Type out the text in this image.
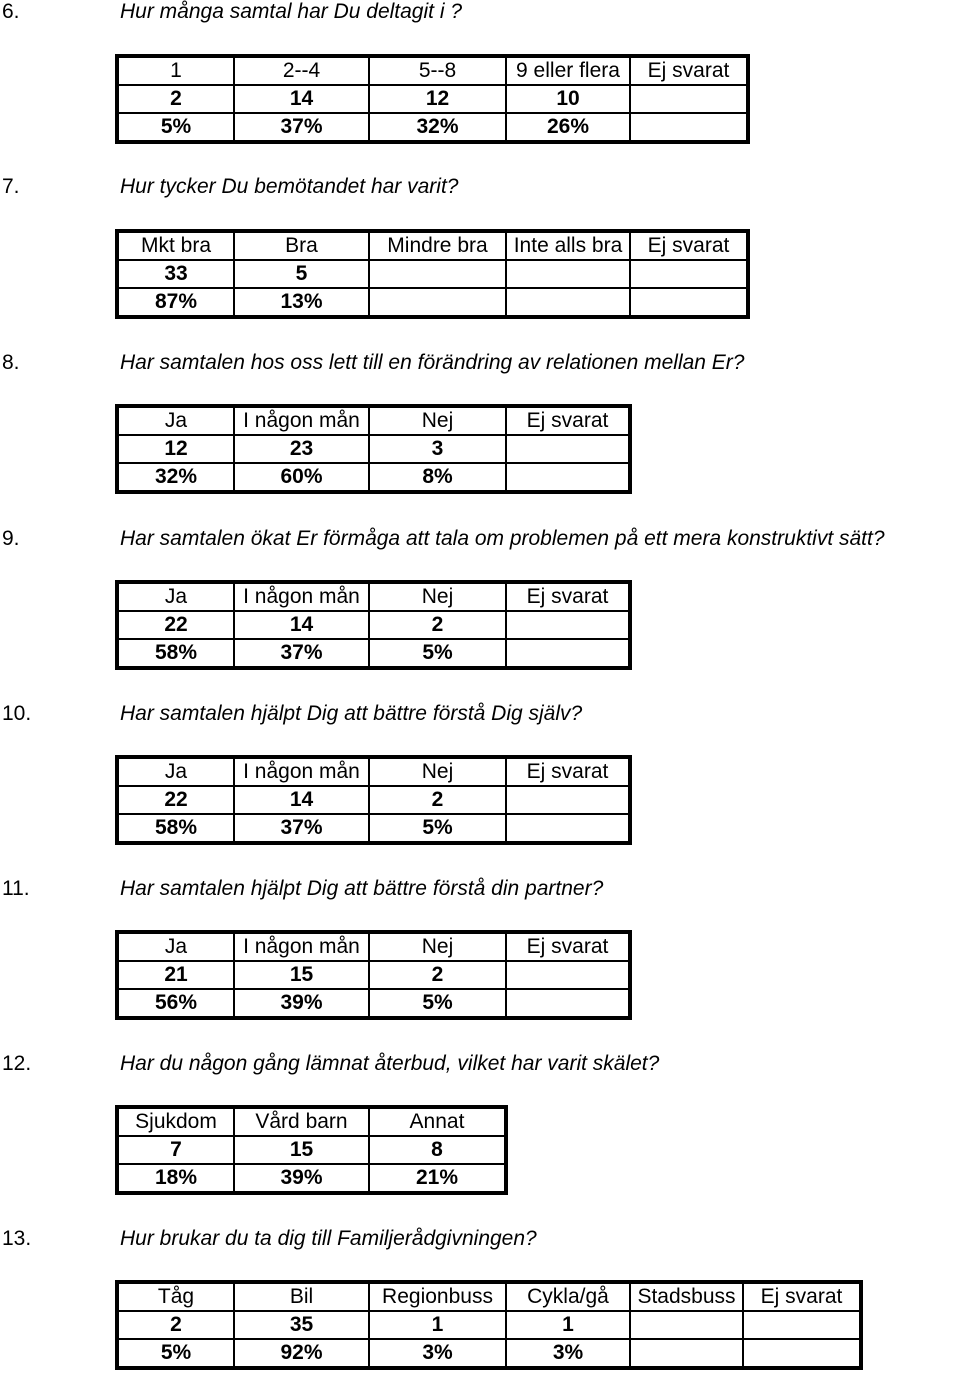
6.	Hur många samtal har Du deltagit i ?
1	2--4	5--8	9 eller flera	Ej svarat
2	14	12	10	
5%	37%	32%	26%	
7.	Hur tycker Du bemötandet har varit?
Mkt bra	Bra	Mindre bra	Inte alls bra	Ej svarat
33	5			
87%	13%			
8.	Har samtalen hos oss lett till en förändring av relationen mellan Er?
Ja	I någon mån	Nej	Ej svarat
12	23	3	
32%	60%	8%	
9.	Har samtalen ökat Er förmåga att tala om problemen på ett mera konstruktivt sätt?
Ja	I någon mån	Nej	Ej svarat
22	14	2	
58%	37%	5%	
10.	Har samtalen hjälpt Dig att bättre förstå Dig själv?
Ja	I någon mån	Nej	Ej svarat
22	14	2	
58%	37%	5%	
11.	Har samtalen hjälpt Dig att bättre förstå din partner?
Ja	I någon mån	Nej	Ej svarat
21	15	2	
56%	39%	5%	
12.	Har du någon gång lämnat återbud, vilket har varit skälet?
Sjukdom	Vård barn	Annat
7	15	8
18%	39%	21%
13.	Hur brukar du ta dig till Familjerådgivningen?
Tåg	Bil	Regionbuss	Cykla/gå	Stadsbuss	Ej svarat
2	35	1	1		
5%	92%	3%	3%		
